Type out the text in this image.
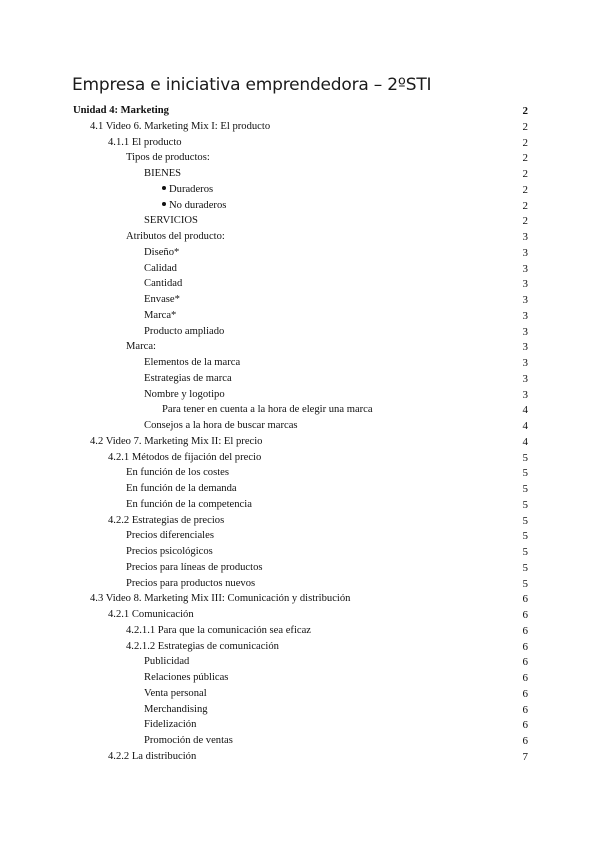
Empresa e iniciativa emprendedora – 2ºSTI
Unidad 4: Marketing	2
4.1 Video 6. Marketing Mix I: El producto	2
4.1.1 El producto	2
Tipos de productos:	2
BIENES	2
Duraderos	2
No duraderos	2
SERVICIOS	2
Atributos del producto:	3
Diseño*	3
Calidad	3
Cantidad	3
Envase*	3
Marca*	3
Producto ampliado	3
Marca:	3
Elementos de la marca	3
Estrategias de marca	3
Nombre y logotipo	3
Para tener en cuenta a la hora de elegir una marca	4
Consejos a la hora de buscar marcas	4
4.2 Video 7. Marketing Mix II: El precio	4
4.2.1 Métodos de fijación del precio	5
En función de los costes	5
En función de la demanda	5
En función de la competencia	5
4.2.2 Estrategias de precios	5
Precios diferenciales	5
Precios psicológicos	5
Precios para líneas de productos	5
Precios para productos nuevos	5
4.3 Video 8. Marketing Mix III: Comunicación y distribución	6
4.2.1 Comunicación	6
4.2.1.1 Para que la comunicación sea eficaz	6
4.2.1.2 Estrategias de comunicación	6
Publicidad	6
Relaciones públicas	6
Venta personal	6
Merchandising	6
Fidelización	6
Promoción de ventas	6
4.2.2 La distribución	7
